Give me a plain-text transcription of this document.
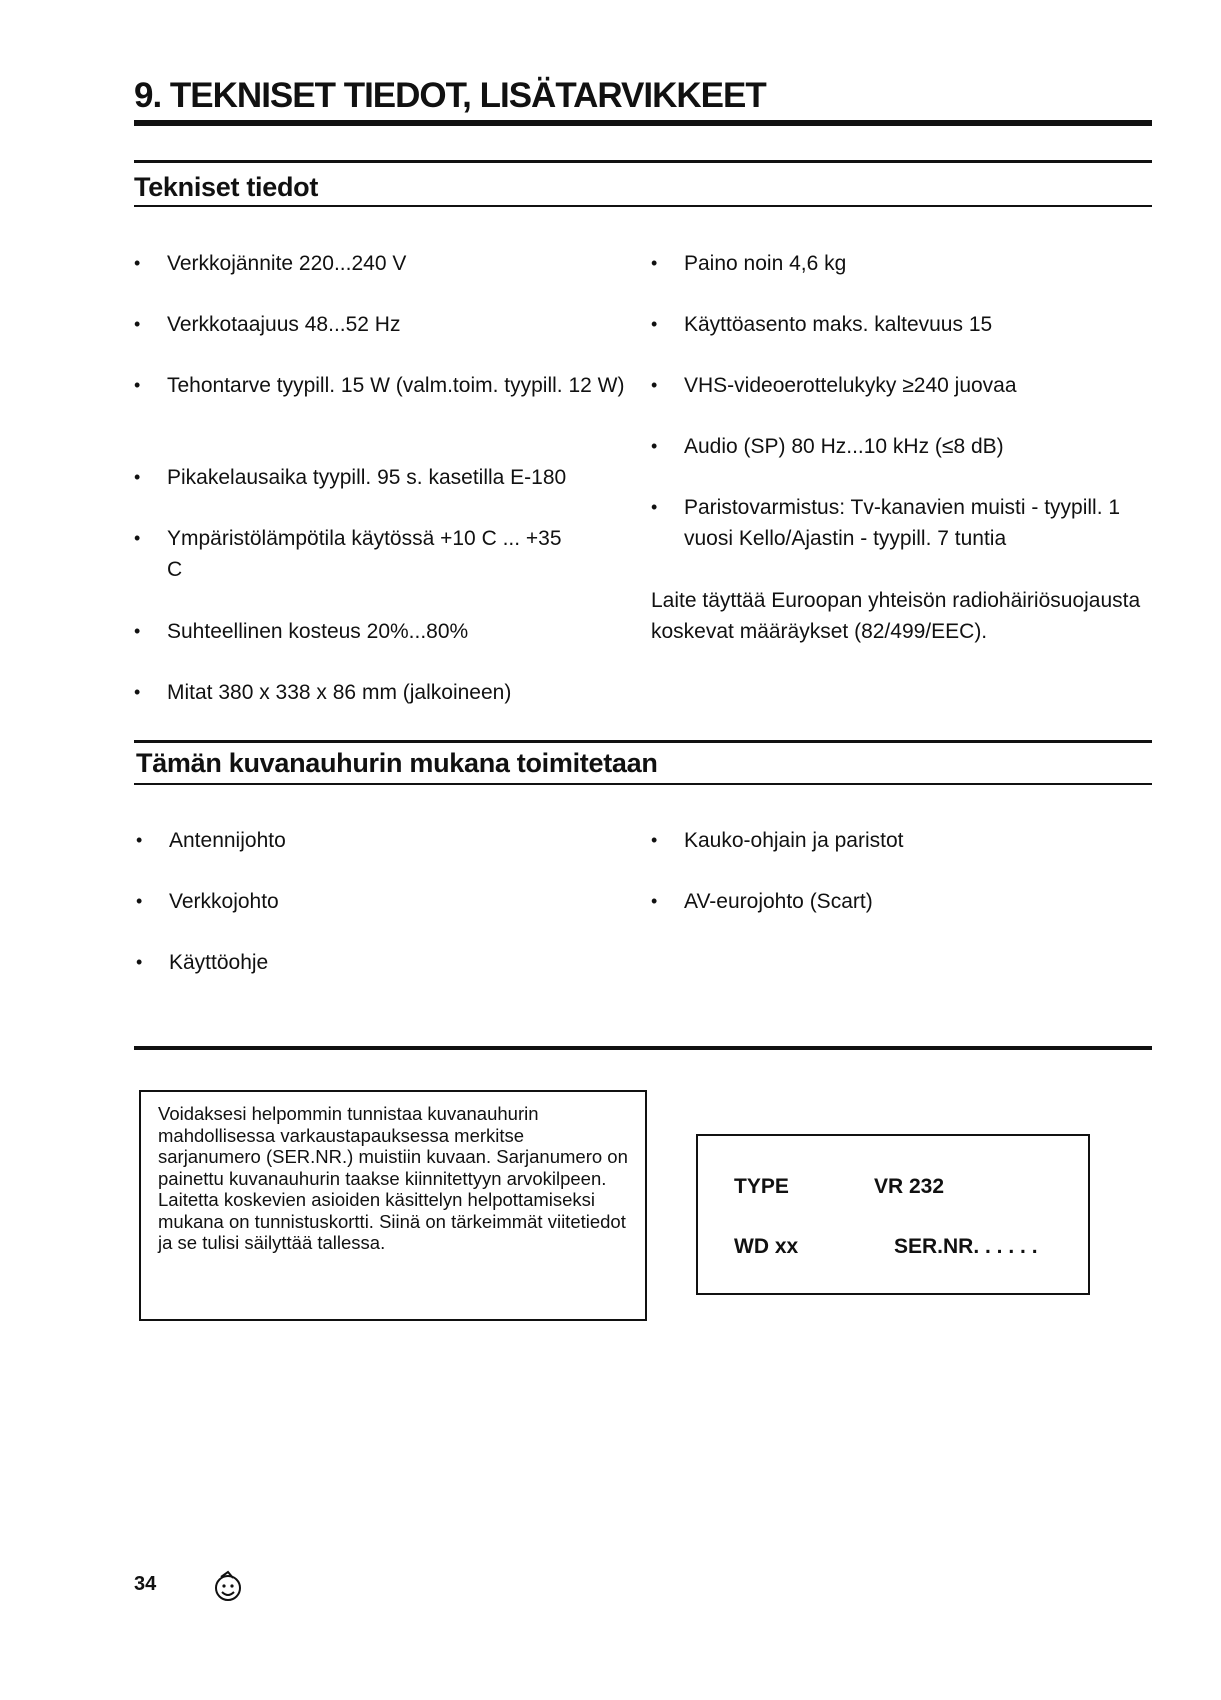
9. TEKNISET TIEDOT, LISÄTARVIKKEET
Tekniset tiedot
• Verkkojännite 220...240 V
• Verkkotaajuus 48...52 Hz
• Tehontarve tyypill. 15 W (valm.toim. tyypill. 12 W)
• Pikakelausaika tyypill. 95 s. kasetilla E-180
• Ympäristölämpötila käytössä +10 C ... +35 C
• Suhteellinen kosteus 20%...80%
• Mitat 380 x 338 x 86 mm (jalkoineen)
• Paino noin 4,6 kg
• Käyttöasento maks. kaltevuus 15
• VHS-videoerottelukyky ≥240 juovaa
• Audio (SP) 80 Hz...10 kHz (≤8 dB)
• Paristovarmistus: Tv-kanavien muisti - tyypill. 1 vuosi Kello/Ajastin - tyypill. 7 tuntia
Laite täyttää Euroopan yhteisön radiohäiriösuojausta koskevat määräykset (82/499/EEC).
Tämän kuvanauhurin mukana toimitetaan
• Antennijohto
• Verkkojohto
• Käyttöohje
• Kauko-ohjain ja paristot
• AV-eurojohto (Scart)
Voidaksesi helpommin tunnistaa kuvanauhurin mahdollisessa varkaustapauksessa merkitse sarjanumero (SER.NR.) muistiin kuvaan. Sarjanumero on painettu kuvanauhurin taakse kiinnitettyyn arvokilpeen. Laitetta koskevien asioiden käsittelyn helpottamiseksi mukana on tunnistuskortti. Siinä on tärkeimmät viitetiedot ja se tulisi säilyttää tallessa.
TYPE	VR 232
WD xx	SER.NR. . . . . .
34
